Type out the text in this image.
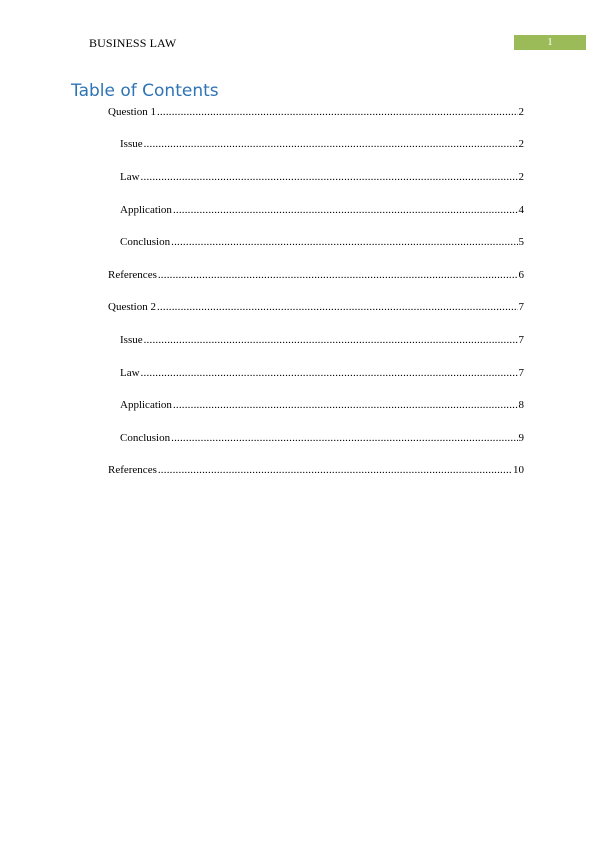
BUSINESS LAW	1
Table of Contents
Question 1 .....	2
Issue .....	2
Law .....	2
Application .....	4
Conclusion .....	5
References .....	6
Question 2 .....	7
Issue .....	7
Law .....	7
Application .....	8
Conclusion .....	9
References .....	10
